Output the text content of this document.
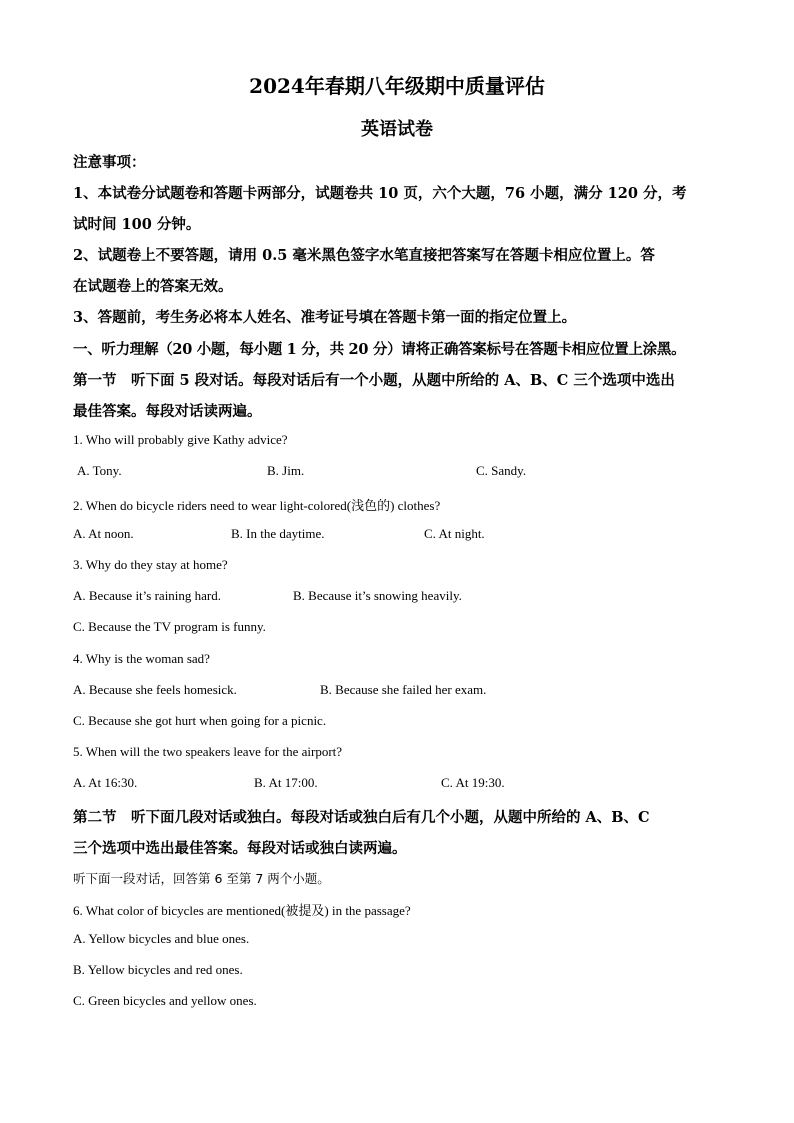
2024年春期八年级期中质量评估
英语试卷
注意事项：
1、本试卷分试题卷和答题卡两部分，试题卷共 10 页，六个大题，76 小题，满分 120 分，考
试时间 100 分钟。
2、试题卷上不要答题，请用 0.5 毫米黑色签字水笔直接把答案写在答题卡相应位置上。答
在试题卷上的答案无效。
3、答题前，考生务必将本人姓名、准考证号填在答题卡第一面的指定位置上。
一、听力理解（20 小题，每小题 1 分，共 20 分）请将正确答案标号在答题卡相应位置上涂黑。
第一节　听下面 5 段对话。每段对话后有一个小题，从题中所给的 A、B、C 三个选项中选出
最佳答案。每段对话读两遍。
1. Who will probably give Kathy advice?
A. Tony.	B. Jim.	C. Sandy.
2. When do bicycle riders need to wear light-colored(浅色的) clothes?
A. At noon.	B. In the daytime.	C. At night.
3. Why do they stay at home?
A. Because it’s raining hard.	B. Because it’s snowing heavily.
C. Because the TV program is funny.
4. Why is the woman sad?
A. Because she feels homesick.	B. Because she failed her exam.
C. Because she got hurt when going for a picnic.
5. When will the two speakers leave for the airport?
A. At 16:30.	B. At 17:00.	C. At 19:30.
第二节　听下面几段对话或独白。每段对话或独白后有几个小题，从题中所给的 A、B、C
三个选项中选出最佳答案。每段对话或独白读两遍。
听下面一段对话，回答第 6 至第 7 两个小题。
6. What color of bicycles are mentioned(被提及) in the passage?
A. Yellow bicycles and blue ones.
B. Yellow bicycles and red ones.
C. Green bicycles and yellow ones.
